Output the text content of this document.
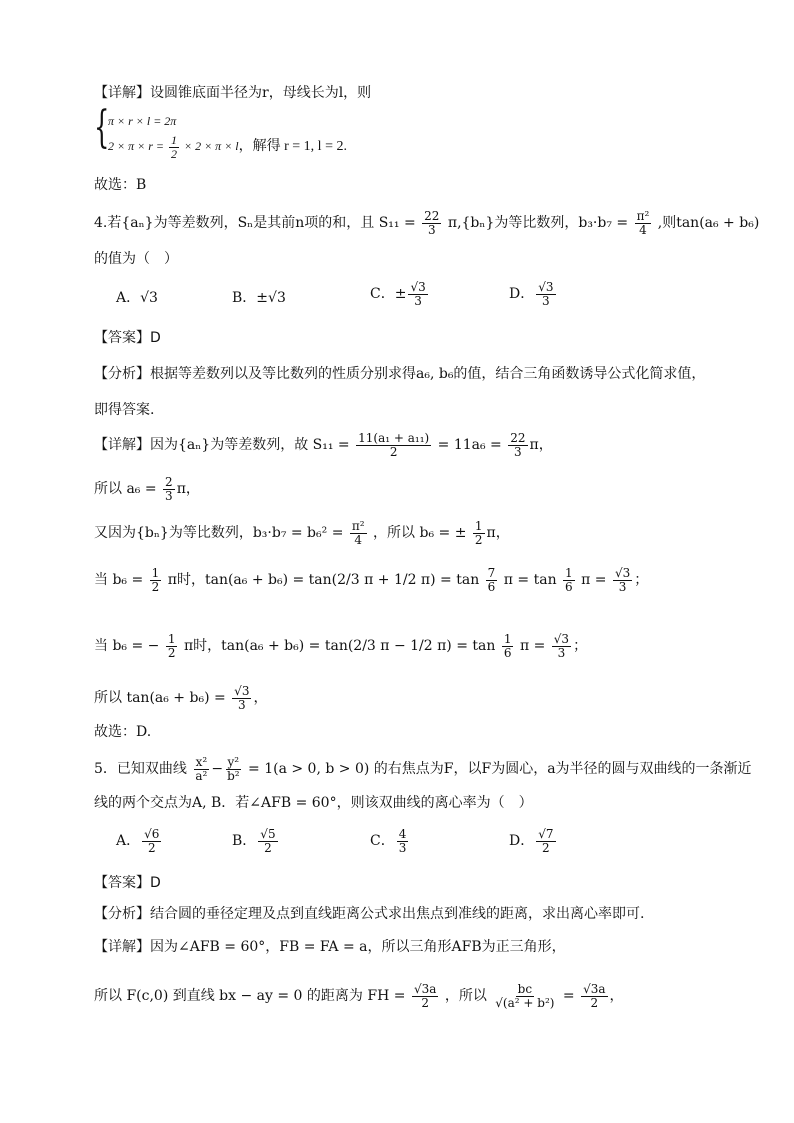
【详解】设圆锥底面半径为r，母线长为l，则
{
π × r × l = 2π
$2 \times \pi \times r = \frac{1}{2} \times 2 \times \pi \times l$，解得 r = 1, l = 2.
故选：B
4.若{aₙ}为等差数列，Sₙ是其前n项的和，且 $S_{11} = \frac{22}{3} \pi,\{b_n\}$为等比数列，$b_3\cdot b_7 = \frac{\text{π²}}{4}$ ,则tan(a₆ + b₆)
的值为（　）
A．√3	B．±√3	C．± $\frac{√3}{3}$	D． $\frac{√3}{3}$
【答案】D
【分析】根据等差数列以及等比数列的性质分别求得a₆, b₆的值，结合三角函数诱导公式化简求值，
即得答案.
【详解】因为{aₙ}为等差数列，故 $S_{11} = \frac{\text{11(a₁ + a₁₁)}}{2} = 11a_6 = \frac{22}{3}$ π，
所以 $a_6 = \frac{2}{3}$ π，
又因为{bₙ}为等比数列，$b_3\cdot b_7 = b_6^2 = \frac{\text{π²}}{4}$ ，所以 b₆ = ± $\frac{1}{2}$ π，
当 $b_6 = \frac{1}{2}$ π时，tan(a₆ + b₆) = tan(2/3 π + 1/2 $\pi) = \tan \frac{7}{6}$ $\pi = \tan \frac{1}{6}$ $\pi = \frac{√3}{3}$ ；
当 b₆ = − $\frac{1}{2}$ π时，tan(a₆ + b₆) = tan(2/3 π − 1/2 $\pi) = \tan \frac{1}{6}$ $\pi = \frac{√3}{3}$ ；
所以 $\tan(a_6 + b_6) = \frac{√3}{3}$ ，
故选：D.
5．已知双曲线 $\frac{\text{x²}}{\text{a²}} - \frac{\text{y²}}{\text{b²}} = 1(a > 0$, b > 0) 的右焦点为F，以F为圆心，a为半径的圆与双曲线的一条渐近
线的两个交点为A, B．若∠AFB = 60°，则该双曲线的离心率为（　）
A． $\frac{√6}{2}$	B． $\frac{√5}{2}$	C． $\frac{4}{3}$	D． $\frac{√7}{2}$
【答案】D
【分析】结合圆的垂径定理及点到直线距离公式求出焦点到准线的距离，求出离心率即可.
【详解】因为∠AFB = 60°，FB = FA = a，所以三角形AFB为正三角形，
所以 F(c,0) 到直线 bx − ay = 0 的距离为 FH = $\frac{√3a}{2}$ ，所以 $\frac{bc}{\text{√(a² + b²)}} = \frac{√3a}{2}$ ，
